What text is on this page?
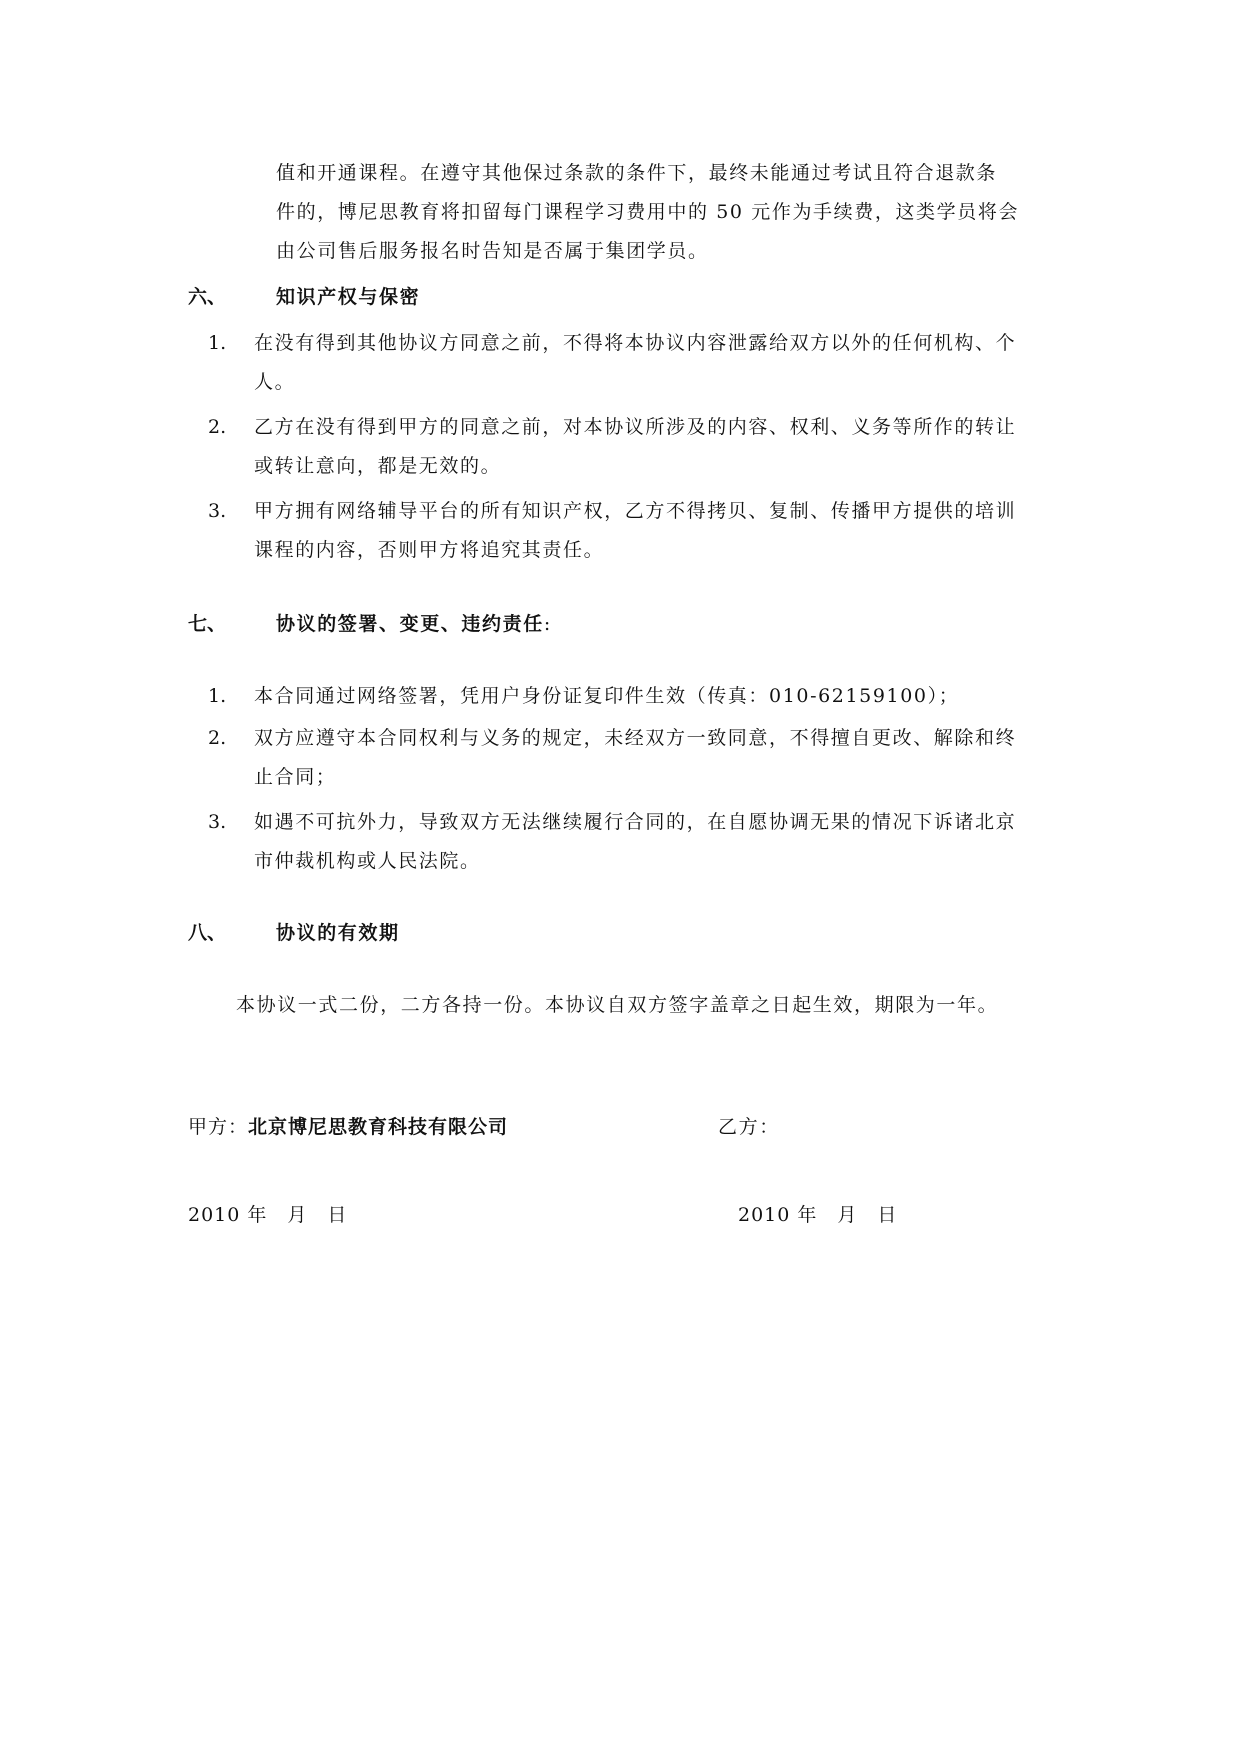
值和开通课程。在遵守其他保过条款的条件下，最终未能通过考试且符合退款条
件的，博尼思教育将扣留每门课程学习费用中的 50 元作为手续费，这类学员将会
由公司售后服务报名时告知是否属于集团学员。
六、	知识产权与保密
1. 在没有得到其他协议方同意之前，不得将本协议内容泄露给双方以外的任何机构、个
人。
2. 乙方在没有得到甲方的同意之前，对本协议所涉及的内容、权利、义务等所作的转让
或转让意向，都是无效的。
3. 甲方拥有网络辅导平台的所有知识产权，乙方不得拷贝、复制、传播甲方提供的培训
课程的内容，否则甲方将追究其责任。
七、	协议的签署、变更、违约责任:
1. 本合同通过网络签署，凭用户身份证复印件生效（传真：010-62159100）；
2. 双方应遵守本合同权利与义务的规定，未经双方一致同意，不得擅自更改、解除和终
止合同；
3. 如遇不可抗外力，导致双方无法继续履行合同的，在自愿协调无果的情况下诉诸北京
市仲裁机构或人民法院。
八、	协议的有效期
本协议一式二份，二方各持一份。本协议自双方签字盖章之日起生效，期限为一年。
甲方：北京博尼思教育科技有限公司	乙方：
2010 年　月　日	2010 年　月　日
